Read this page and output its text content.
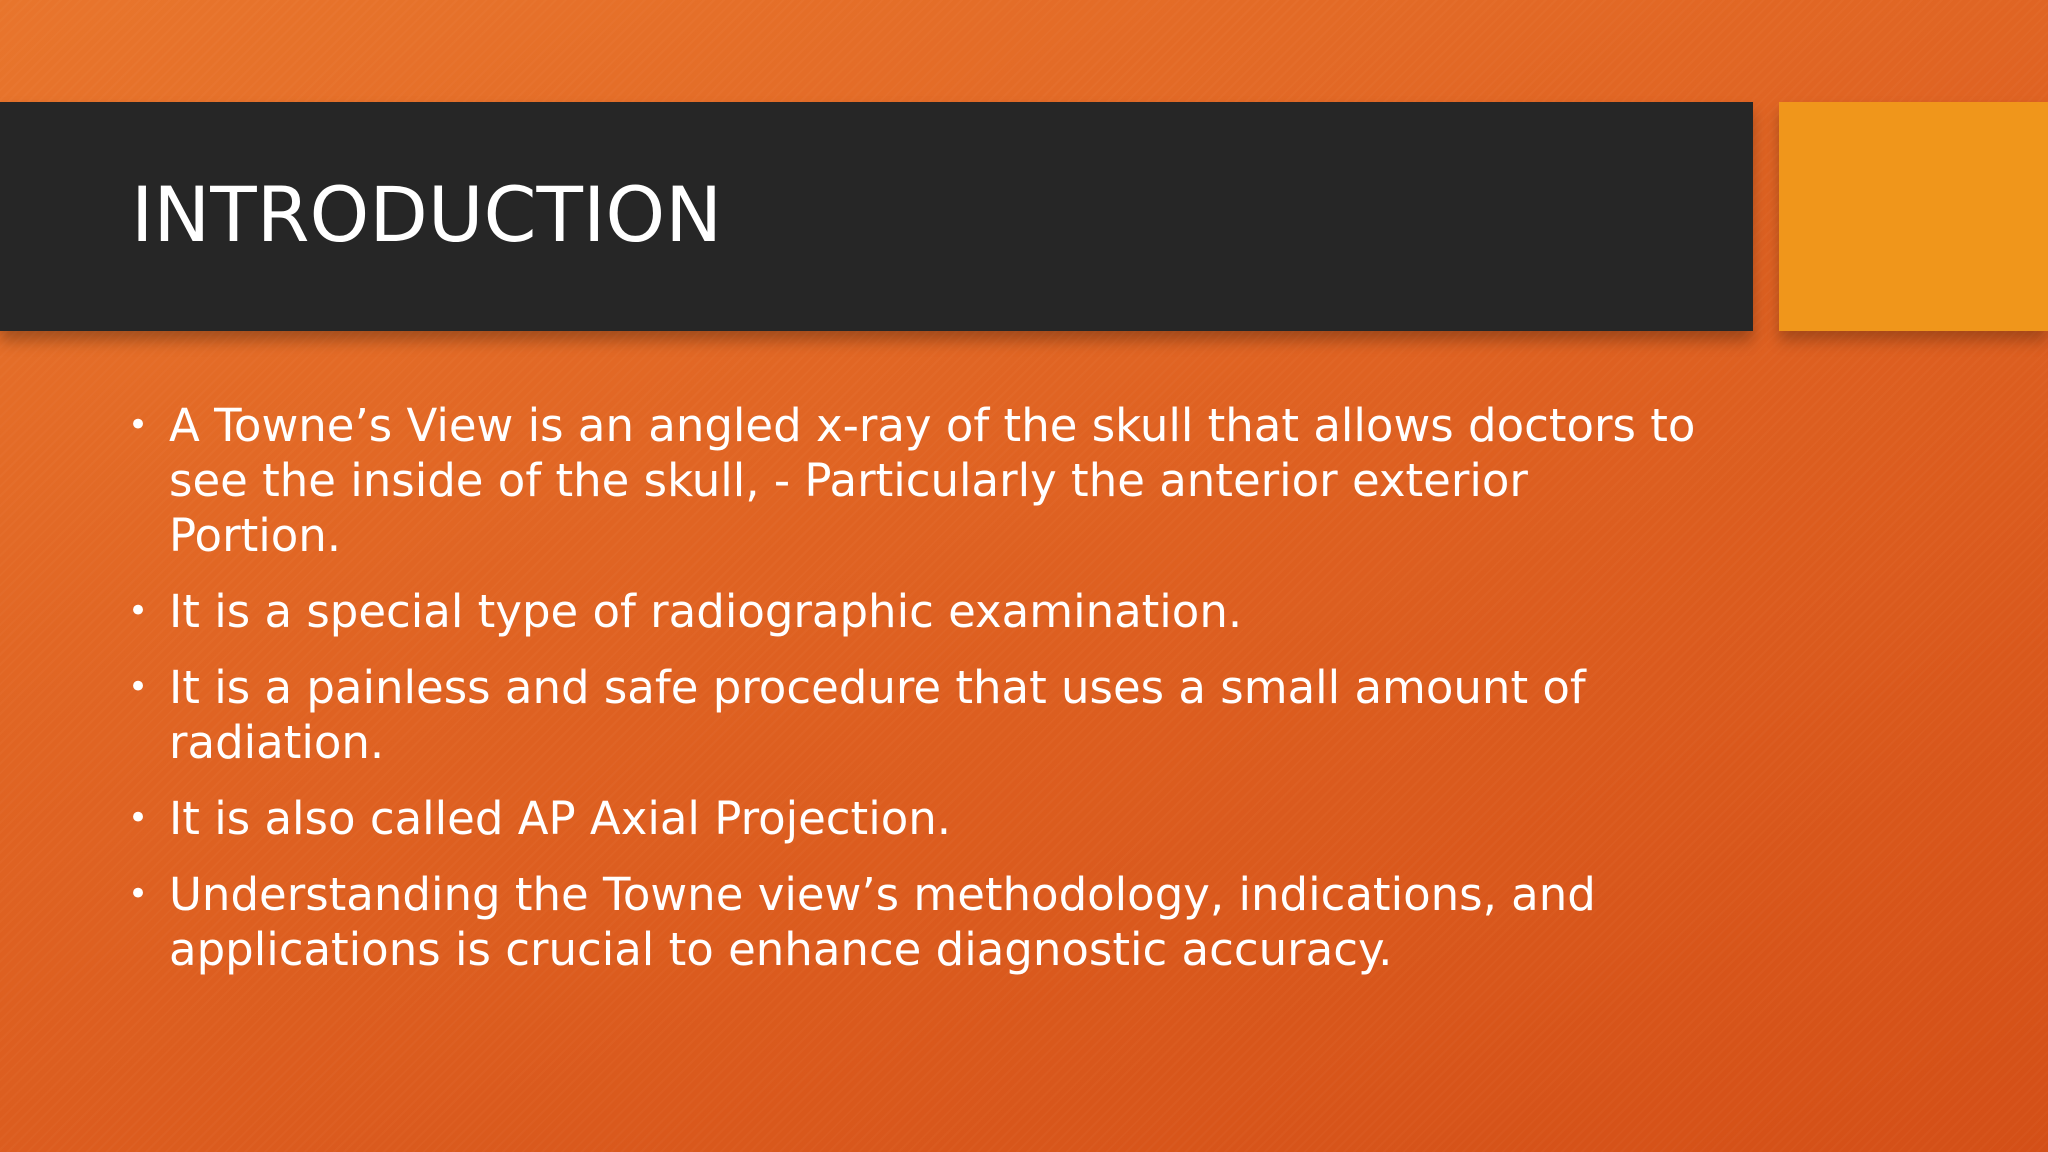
INTRODUCTION
• A Towne’s View is an angled x-ray of the skull that allows doctors to see the inside of the skull, - Particularly the anterior exterior Portion.
• It is a special type of radiographic examination.
• It is a painless and safe procedure that uses a small amount of radiation.
• It is also called AP Axial Projection.
• Understanding the Towne view’s methodology, indications, and applications is crucial to enhance diagnostic accuracy.
